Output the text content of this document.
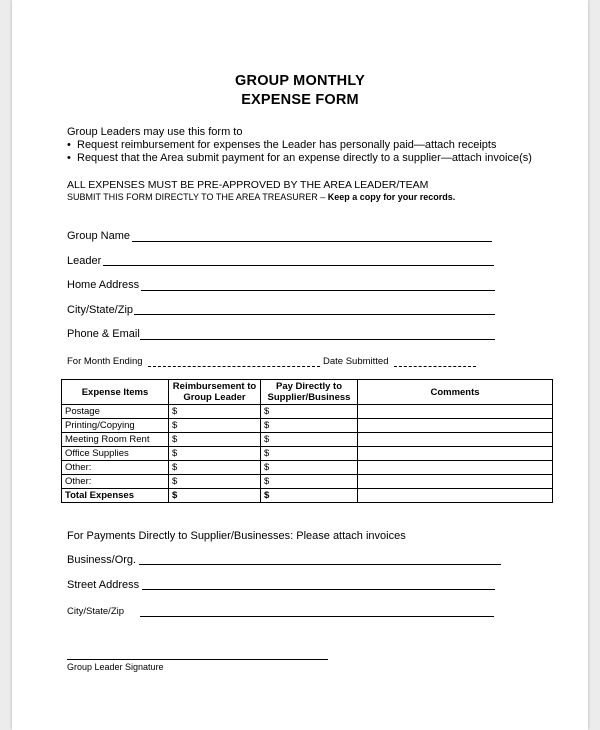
GROUP MONTHLY
EXPENSE FORM
Group Leaders may use this form to
• Request reimbursement for expenses the Leader has personally paid—attach receipts
• Request that the Area submit payment for an expense directly to a supplier—attach invoice(s)
ALL EXPENSES MUST BE PRE-APPROVED BY THE AREA LEADER/TEAM
SUBMIT THIS FORM DIRECTLY TO THE AREA TREASURER – Keep a copy for your records.
Group Name
Leader
Home Address
City/State/Zip
Phone & Email
For Month Ending	Date Submitted
Expense Items	Reimbursement to Group Leader	Pay Directly to Supplier/Business	Comments
Postage	$	$	
Printing/Copying	$	$	
Meeting Room Rent	$	$	
Office Supplies	$	$	
Other:	$	$	
Other:	$	$	
Total Expenses	$	$	
For Payments Directly to Supplier/Businesses: Please attach invoices
Business/Org.
Street Address
City/State/Zip
Group Leader Signature
